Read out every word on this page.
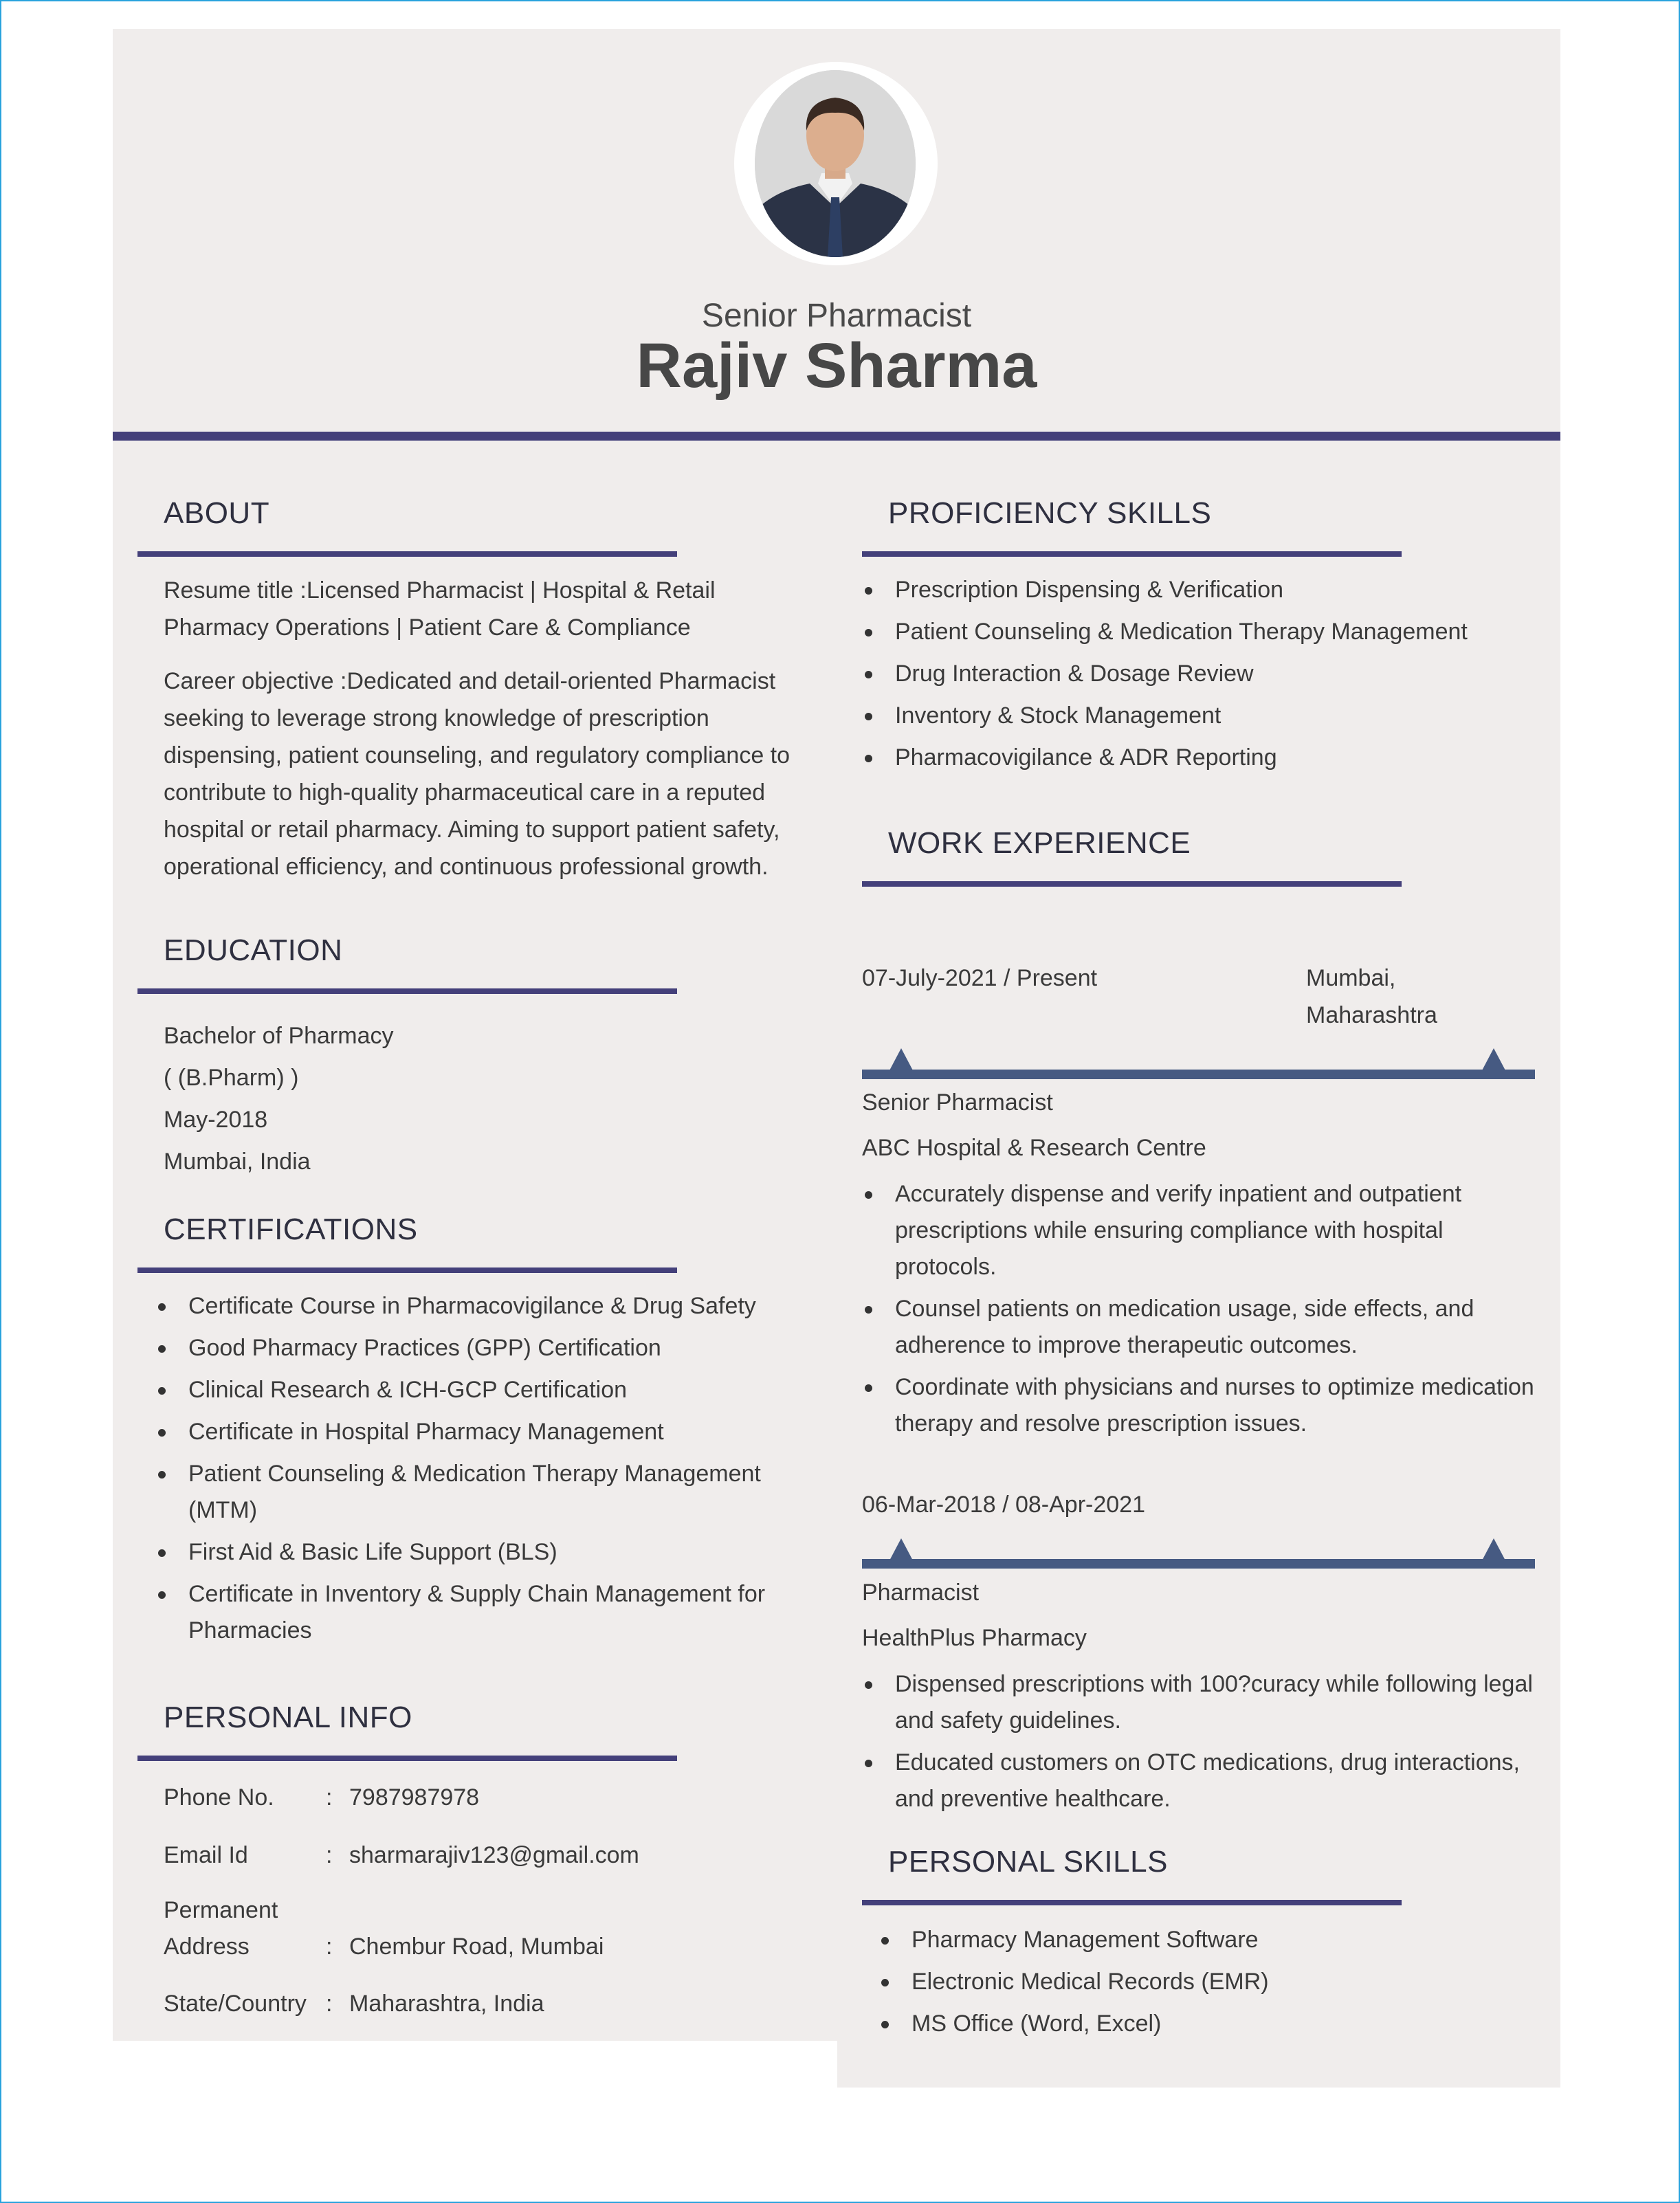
Senior Pharmacist
Rajiv Sharma
ABOUT
Resume title :Licensed Pharmacist | Hospital & Retail Pharmacy Operations | Patient Care & Compliance
Career objective :Dedicated and detail-oriented Pharmacist seeking to leverage strong knowledge of prescription dispensing, patient counseling, and regulatory compliance to contribute to high-quality pharmaceutical care in a reputed hospital or retail pharmacy. Aiming to support patient safety, operational efficiency, and continuous professional growth.
EDUCATION
Bachelor of Pharmacy
( (B.Pharm) )
May-2018
Mumbai, India
CERTIFICATIONS
Certificate Course in Pharmacovigilance & Drug Safety
Good Pharmacy Practices (GPP) Certification
Clinical Research & ICH-GCP Certification
Certificate in Hospital Pharmacy Management
Patient Counseling & Medication Therapy Management (MTM)
First Aid & Basic Life Support (BLS)
Certificate in Inventory & Supply Chain Management for Pharmacies
PERSONAL INFO
Phone No. : 7987987978
Email Id	: sharmarajiv123@gmail.com
Permanent
Address	: Chembur Road, Mumbai
State/Country : Maharashtra, India
PROFICIENCY SKILLS
Prescription Dispensing & Verification
Patient Counseling & Medication Therapy Management
Drug Interaction & Dosage Review
Inventory & Stock Management
Pharmacovigilance & ADR Reporting
WORK EXPERIENCE
07-July-2021 / Present	Mumbai,
Maharashtra
Senior Pharmacist
ABC Hospital & Research Centre
Accurately dispense and verify inpatient and outpatient prescriptions while ensuring compliance with hospital protocols.
Counsel patients on medication usage, side effects, and adherence to improve therapeutic outcomes.
Coordinate with physicians and nurses to optimize medication therapy and resolve prescription issues.
06-Mar-2018 / 08-Apr-2021
Pharmacist
HealthPlus Pharmacy
Dispensed prescriptions with 100?curacy while following legal and safety guidelines.
Educated customers on OTC medications, drug interactions, and preventive healthcare.
PERSONAL SKILLS
Pharmacy Management Software
Electronic Medical Records (EMR)
MS Office (Word, Excel)
